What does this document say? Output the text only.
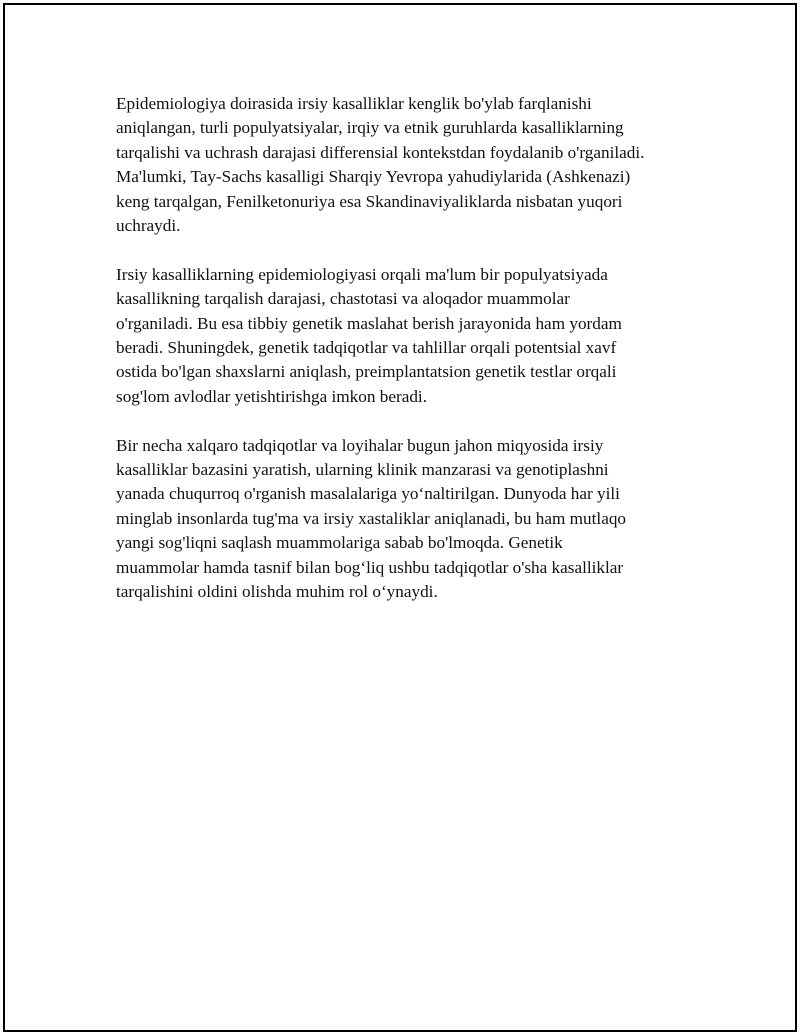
Epidemiologiya doirasida irsiy kasalliklar kenglik bo'ylab farqlanishi
aniqlangan, turli populyatsiyalar, irqiy va etnik guruhlarda kasalliklarning
tarqalishi va uchrash darajasi differensial kontekstdan foydalanib o'rganiladi.
Ma'lumki, Tay-Sachs kasalligi Sharqiy Yevropa yahudiylarida (Ashkenazi)
keng tarqalgan, Fenilketonuriya esa Skandinaviyaliklarda nisbatan yuqori
uchraydi.

Irsiy kasalliklarning epidemiologiyasi orqali ma'lum bir populyatsiyada
kasallikning tarqalish darajasi, chastotasi va aloqador muammolar
o'rganiladi. Bu esa tibbiy genetik maslahat berish jarayonida ham yordam
beradi. Shuningdek, genetik tadqiqotlar va tahlillar orqali potentsial xavf
ostida bo'lgan shaxslarni aniqlash, preimplantatsion genetik testlar orqali
sog'lom avlodlar yetishtirishga imkon beradi.

Bir necha xalqaro tadqiqotlar va loyihalar bugun jahon miqyosida irsiy
kasalliklar bazasini yaratish, ularning klinik manzarasi va genotiplashni
yanada chuqurroq o'rganish masalalariga yo‘naltirilgan. Dunyoda har yili
minglab insonlarda tug'ma va irsiy xastaliklar aniqlanadi, bu ham mutlaqo
yangi sog'liqni saqlash muammolariga sabab bo'lmoqda. Genetik
muammolar hamda tasnif bilan bog‘liq ushbu tadqiqotlar o'sha kasalliklar
tarqalishini oldini olishda muhim rol o‘ynaydi.
